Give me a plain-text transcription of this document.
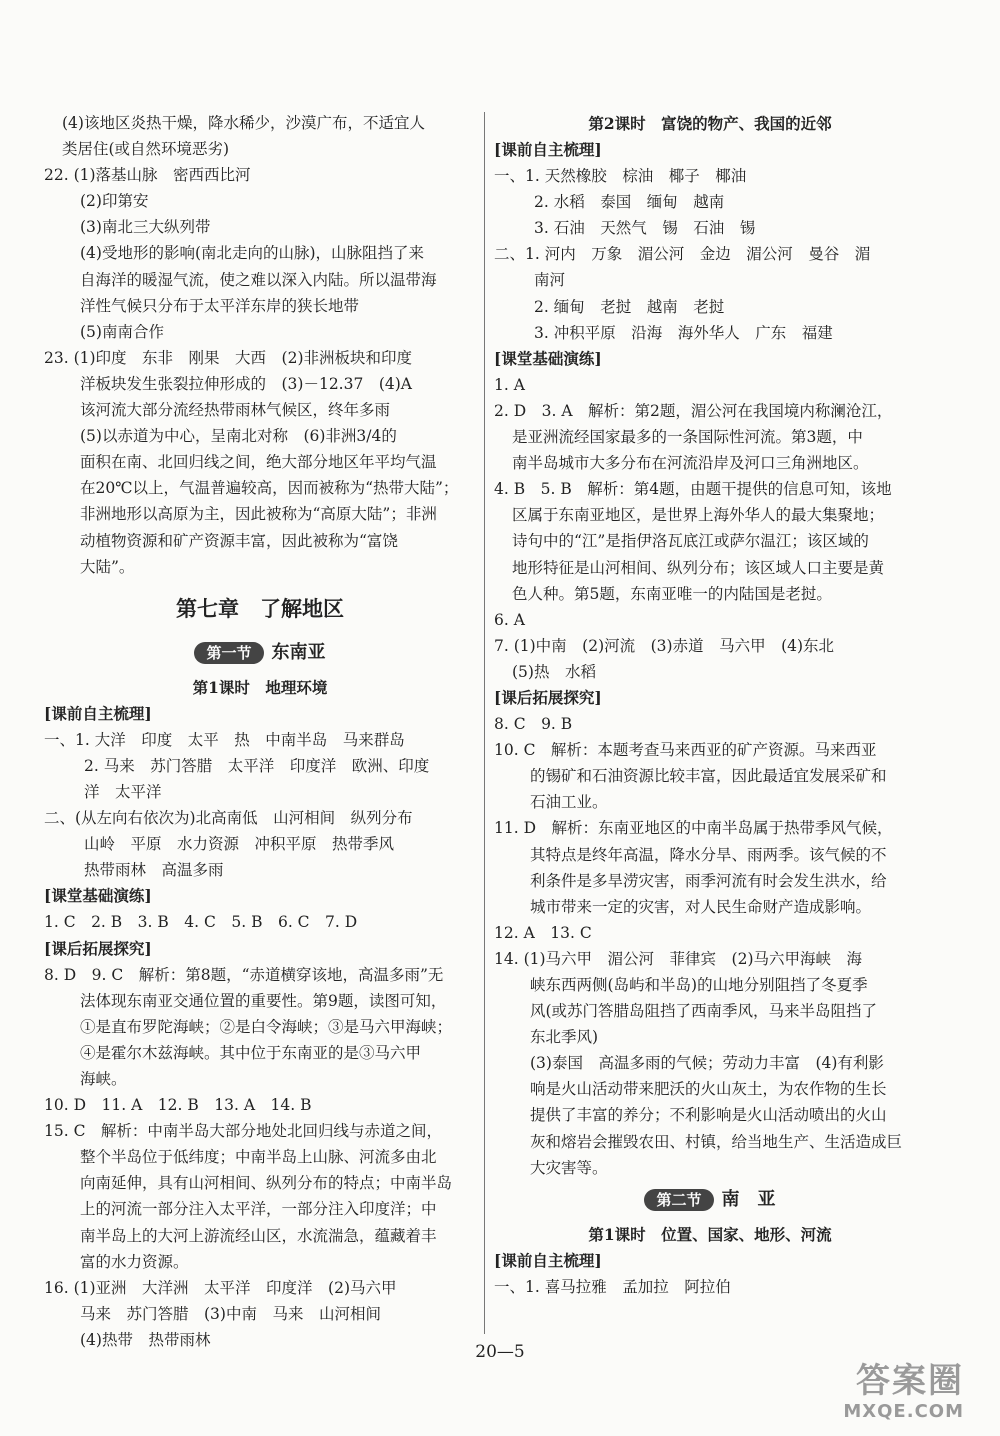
(4)该地区炎热干燥，降水稀少，沙漠广布，不适宜人
类居住(或自然环境恶劣)
22. (1)落基山脉　密西西比河
(2)印第安
(3)南北三大纵列带
(4)受地形的影响(南北走向的山脉)，山脉阻挡了来
自海洋的暖湿气流，使之难以深入内陆。所以温带海
洋性气候只分布于太平洋东岸的狭长地带
(5)南南合作
23. (1)印度　东非　刚果　大西　(2)非洲板块和印度
洋板块发生张裂拉伸形成的　(3)－12.37　(4)A
该河流大部分流经热带雨林气候区，终年多雨
(5)以赤道为中心，呈南北对称　(6)非洲3/4的
面积在南、北回归线之间，绝大部分地区年平均气温
在20℃以上，气温普遍较高，因而被称为“热带大陆”；
非洲地形以高原为主，因此被称为“高原大陆”；非洲
动植物资源和矿产资源丰富，因此被称为“富饶
大陆”。
第七章　了解地区
第一节 东南亚
第1课时　地理环境
[课前自主梳理]
一、1. 大洋　印度　太平　热　中南半岛　马来群岛
2. 马来　苏门答腊　太平洋　印度洋　欧洲、印度
洋　太平洋
二、(从左向右依次为)北高南低　山河相间　纵列分布
山岭　平原　水力资源　冲积平原　热带季风
热带雨林　高温多雨
[课堂基础演练]
1. C　2. B　3. B　4. C　5. B　6. C　7. D
[课后拓展探究]
8. D　9. C　解析：第8题，“赤道横穿该地，高温多雨”无
法体现东南亚交通位置的重要性。第9题，读图可知，
①是直布罗陀海峡；②是白令海峡；③是马六甲海峡；
④是霍尔木兹海峡。其中位于东南亚的是③马六甲
海峡。
10. D　11. A　12. B　13. A　14. B
15. C　解析：中南半岛大部分地处北回归线与赤道之间，
整个半岛位于低纬度；中南半岛上山脉、河流多由北
向南延伸，具有山河相间、纵列分布的特点；中南半岛
上的河流一部分注入太平洋，一部分注入印度洋；中
南半岛上的大河上游流经山区，水流湍急，蕴藏着丰
富的水力资源。
16. (1)亚洲　大洋洲　太平洋　印度洋　(2)马六甲
马来　苏门答腊　(3)中南　马来　山河相间
(4)热带　热带雨林
第2课时　富饶的物产、我国的近邻
[课前自主梳理]
一、1. 天然橡胶　棕油　椰子　椰油
2. 水稻　泰国　缅甸　越南
3. 石油　天然气　锡　石油　锡
二、1. 河内　万象　湄公河　金边　湄公河　曼谷　湄
南河
2. 缅甸　老挝　越南　老挝
3. 冲积平原　沿海　海外华人　广东　福建
[课堂基础演练]
1. A
2. D　3. A　解析：第2题，湄公河在我国境内称澜沧江，
是亚洲流经国家最多的一条国际性河流。第3题，中
南半岛城市大多分布在河流沿岸及河口三角洲地区。
4. B　5. B　解析：第4题，由题干提供的信息可知，该地
区属于东南亚地区，是世界上海外华人的最大集聚地；
诗句中的“江”是指伊洛瓦底江或萨尔温江；该区域的
地形特征是山河相间、纵列分布；该区域人口主要是黄
色人种。第5题，东南亚唯一的内陆国是老挝。
6. A
7. (1)中南　(2)河流　(3)赤道　马六甲　(4)东北
(5)热　水稻
[课后拓展探究]
8. C　9. B
10. C　解析：本题考查马来西亚的矿产资源。马来西亚
的锡矿和石油资源比较丰富，因此最适宜发展采矿和
石油工业。
11. D　解析：东南亚地区的中南半岛属于热带季风气候，
其特点是终年高温，降水分旱、雨两季。该气候的不
利条件是多旱涝灾害，雨季河流有时会发生洪水，给
城市带来一定的灾害，对人民生命财产造成影响。
12. A　13. C
14. (1)马六甲　湄公河　菲律宾　(2)马六甲海峡　海
峡东西两侧(岛屿和半岛)的山地分别阻挡了冬夏季
风(或苏门答腊岛阻挡了西南季风，马来半岛阻挡了
东北季风)
(3)泰国　高温多雨的气候；劳动力丰富　(4)有利影
响是火山活动带来肥沃的火山灰土，为农作物的生长
提供了丰富的养分；不利影响是火山活动喷出的火山
灰和熔岩会摧毁农田、村镇，给当地生产、生活造成巨
大灾害等。
第二节 南　亚
第1课时　位置、国家、地形、河流
[课前自主梳理]
一、1. 喜马拉雅　孟加拉　阿拉伯
20—5
答案圈
MXQE.COM
